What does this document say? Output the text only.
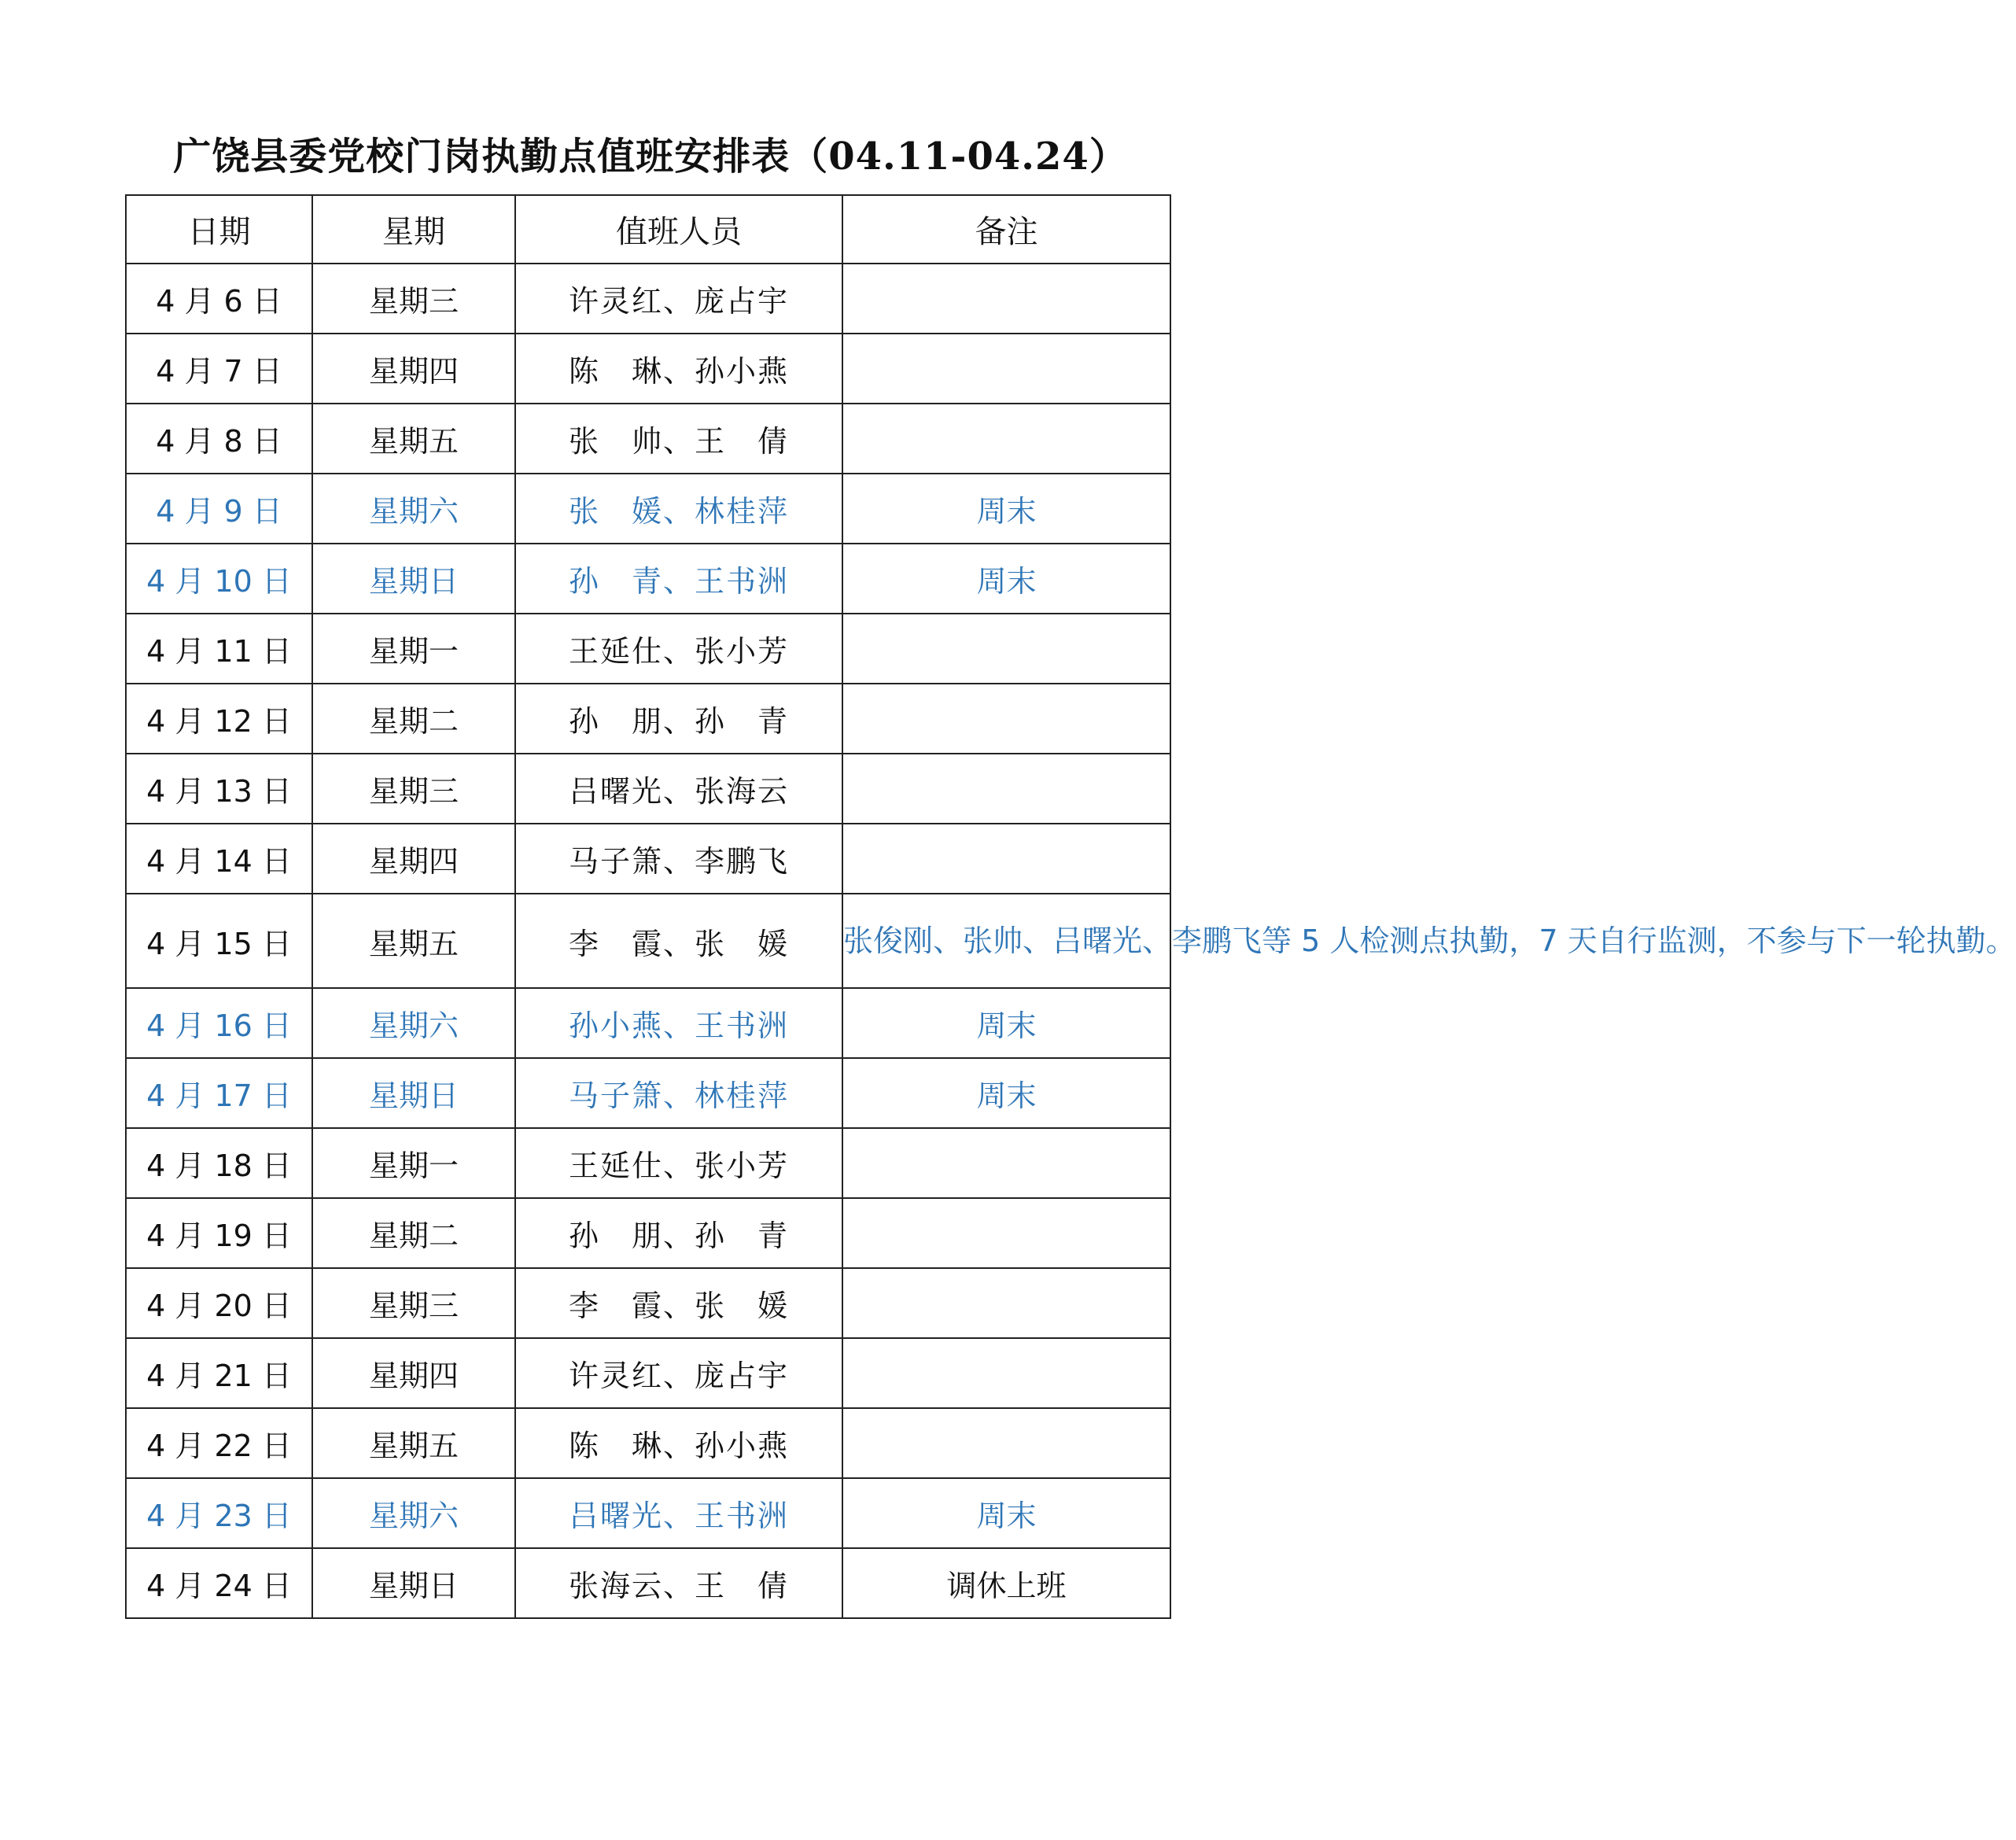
广饶县委党校门岗执勤点值班安排表（04.11-04.24）
日期	星期	值班人员	备注
4 月 6 日	星期三	许灵红、庞占宇	
4 月 7 日	星期四	陈　琳、孙小燕	
4 月 8 日	星期五	张　帅、王　倩	
4 月 9 日	星期六	张　媛、林桂萍	周末
4 月 10 日	星期日	孙　青、王书洲	周末
4 月 11 日	星期一	王延仕、张小芳	
4 月 12 日	星期二	孙　朋、孙　青	
4 月 13 日	星期三	吕曙光、张海云	
4 月 14 日	星期四	马子箫、李鹏飞	
4 月 15 日	星期五	李　霞、张　媛	张俊刚、张帅、吕曙光、李鹏飞等 5 人检测点执勤，7 天自行监测，不参与下一轮执勤。
4 月 16 日	星期六	孙小燕、王书洲	周末
4 月 17 日	星期日	马子箫、林桂萍	周末
4 月 18 日	星期一	王延仕、张小芳	
4 月 19 日	星期二	孙　朋、孙　青	
4 月 20 日	星期三	李　霞、张　媛	
4 月 21 日	星期四	许灵红、庞占宇	
4 月 22 日	星期五	陈　琳、孙小燕	
4 月 23 日	星期六	吕曙光、王书洲	周末
4 月 24 日	星期日	张海云、王　倩	调休上班
